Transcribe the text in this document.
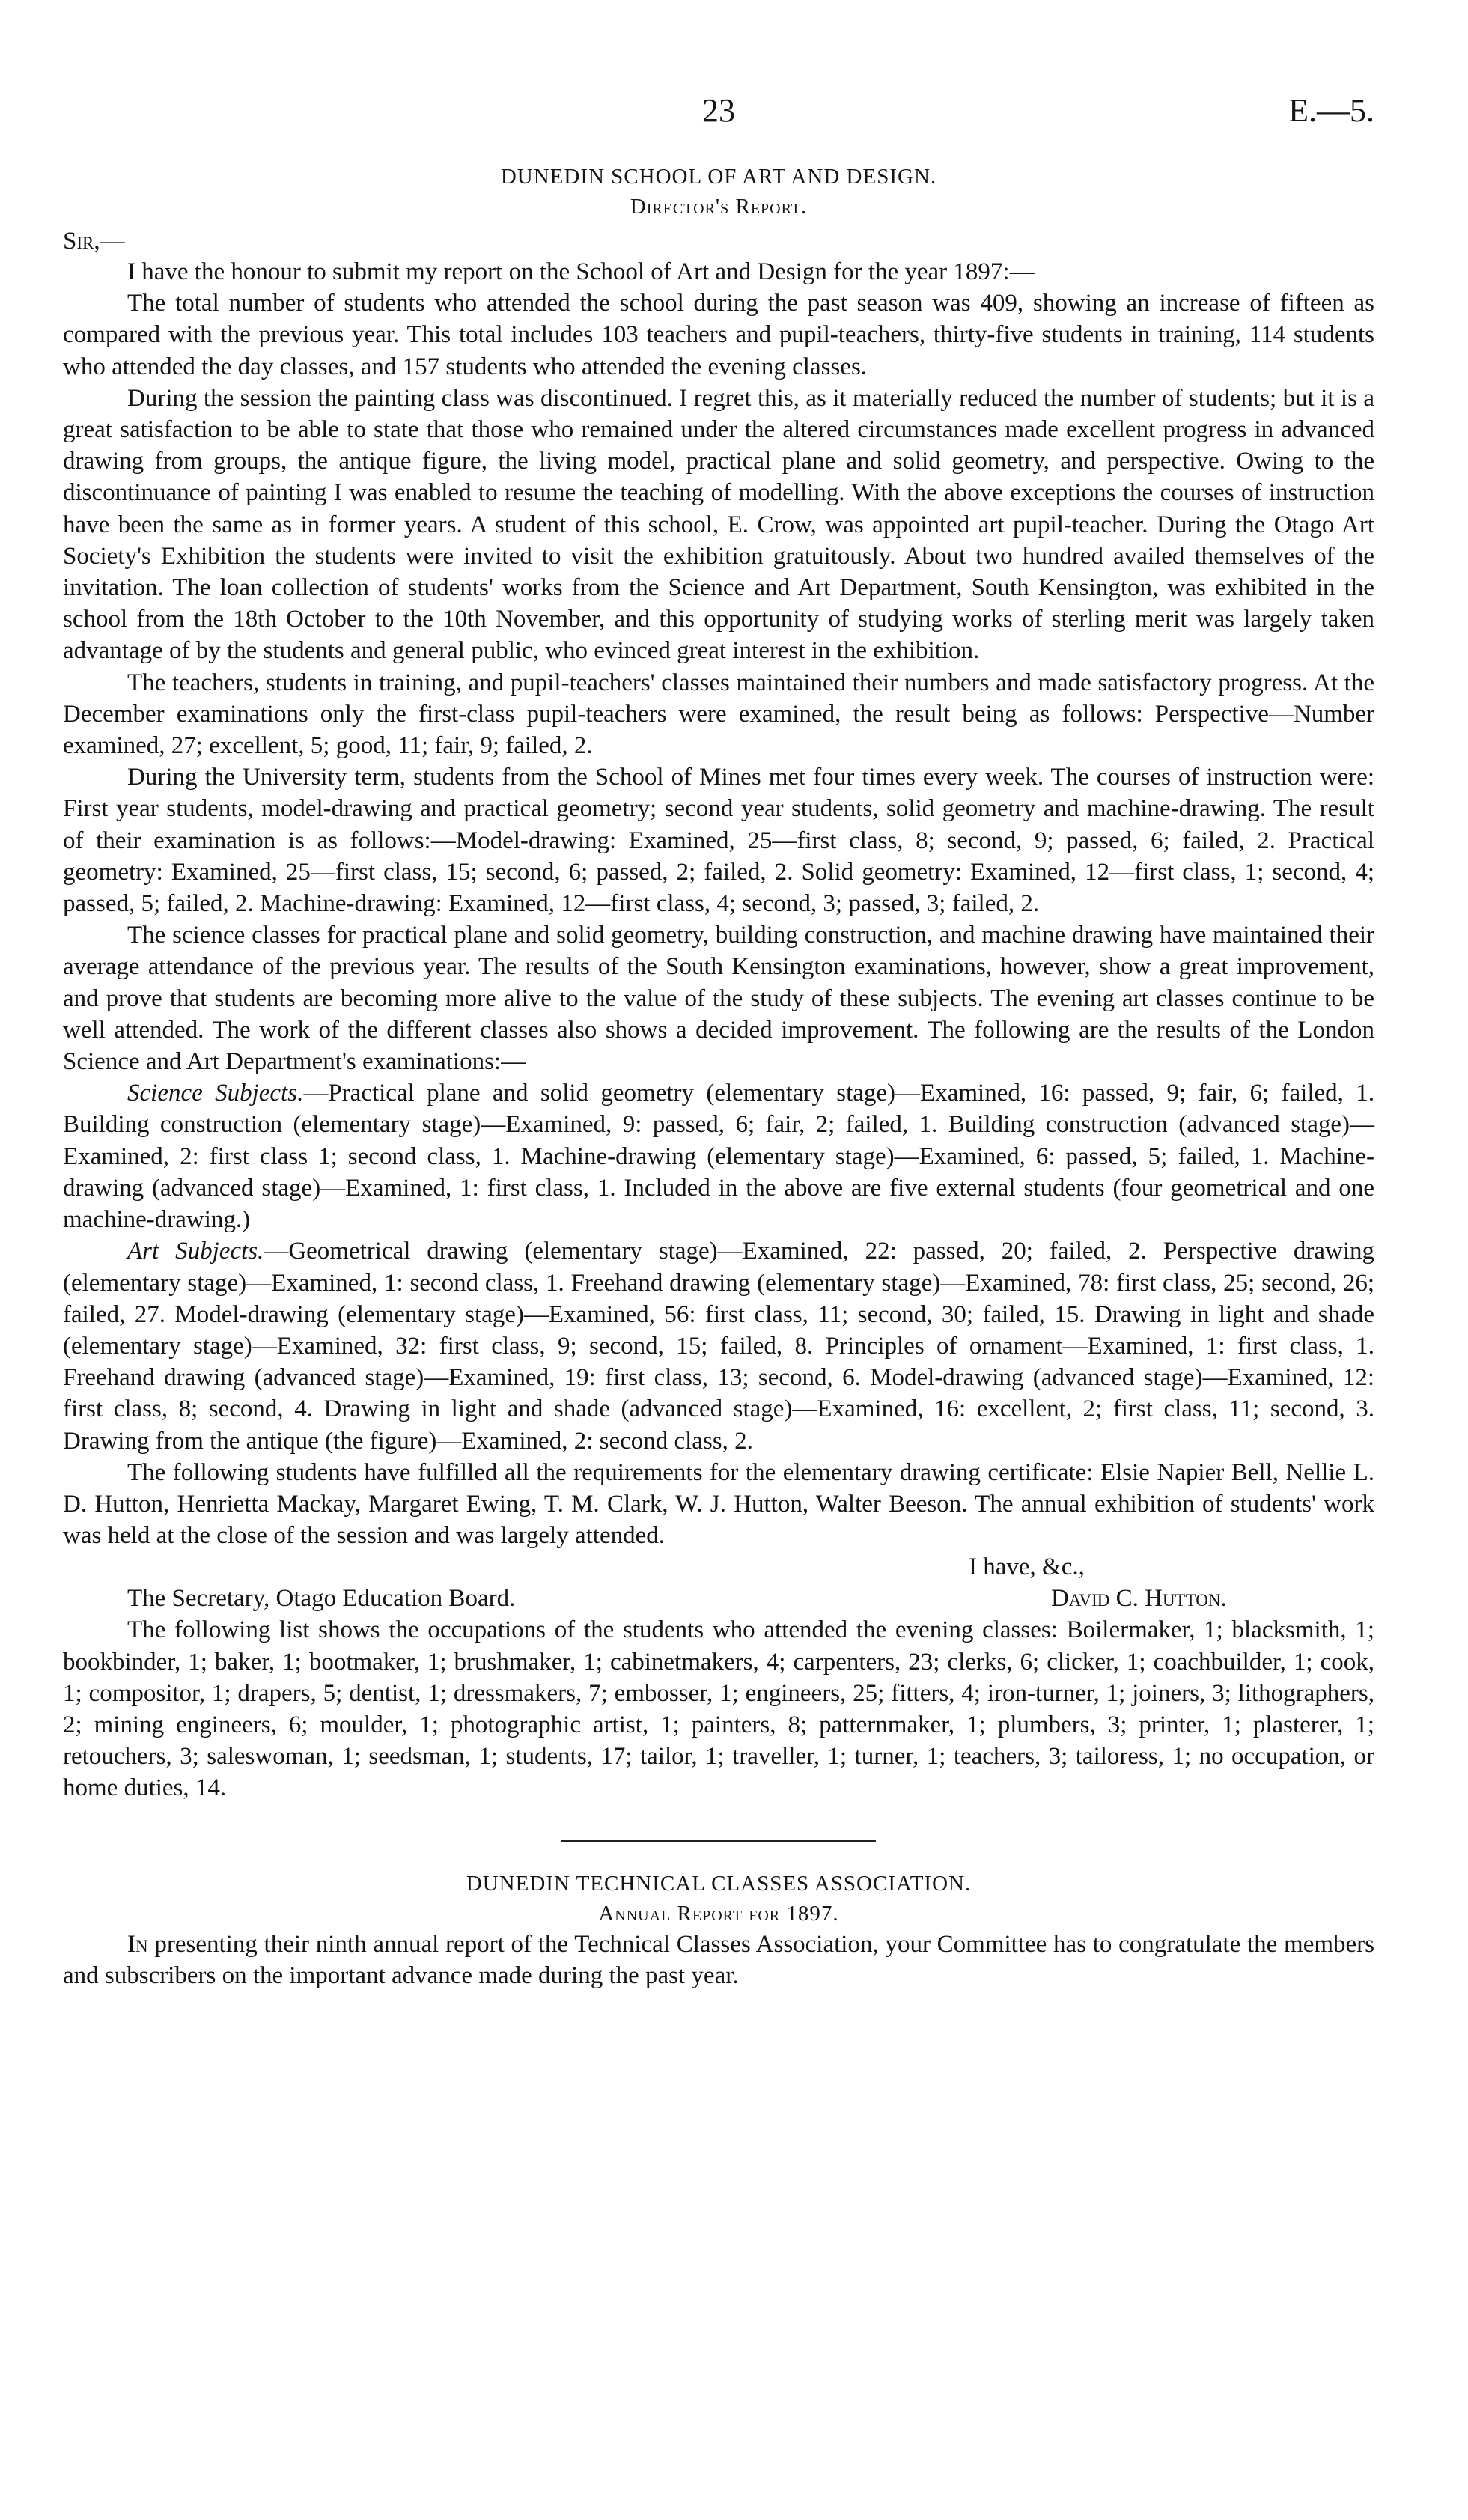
23	E.—5.
DUNEDIN SCHOOL OF ART AND DESIGN.
Director's Report.
Sir,—

I have the honour to submit my report on the School of Art and Design for the year 1897:—

The total number of students who attended the school during the past season was 409, showing an increase of fifteen as compared with the previous year. This total includes 103 teachers and pupil-teachers, thirty-five students in training, 114 students who attended the day classes, and 157 students who attended the evening classes.

During the session the painting class was discontinued. I regret this, as it materially reduced the number of students; but it is a great satisfaction to be able to state that those who remained under the altered circumstances made excellent progress in advanced drawing from groups, the antique figure, the living model, practical plane and solid geometry, and perspective. Owing to the discontinuance of painting I was enabled to resume the teaching of modelling. With the above exceptions the courses of instruction have been the same as in former years. A student of this school, E. Crow, was appointed art pupil-teacher. During the Otago Art Society's Exhibition the students were invited to visit the exhibition gratuitously. About two hundred availed themselves of the invitation. The loan collection of students' works from the Science and Art Department, South Kensington, was exhibited in the school from the 18th October to the 10th November, and this opportunity of studying works of sterling merit was largely taken advantage of by the students and general public, who evinced great interest in the exhibition.

The teachers, students in training, and pupil-teachers' classes maintained their numbers and made satisfactory progress. At the December examinations only the first-class pupil-teachers were examined, the result being as follows: Perspective—Number examined, 27; excellent, 5; good, 11; fair, 9; failed, 2.

During the University term, students from the School of Mines met four times every week. The courses of instruction were: First year students, model-drawing and practical geometry; second year students, solid geometry and machine-drawing. The result of their examination is as follows:—Model-drawing: Examined, 25—first class, 8; second, 9; passed, 6; failed, 2. Practical geometry: Examined, 25—first class, 15; second, 6; passed, 2; failed, 2. Solid geometry: Examined, 12—first class, 1; second, 4; passed, 5; failed, 2. Machine-drawing: Examined, 12—first class, 4; second, 3; passed, 3; failed, 2.

The science classes for practical plane and solid geometry, building construction, and machine drawing have maintained their average attendance of the previous year. The results of the South Kensington examinations, however, show a great improvement, and prove that students are becoming more alive to the value of the study of these subjects. The evening art classes continue to be well attended. The work of the different classes also shows a decided improvement. The following are the results of the London Science and Art Department's examinations:—

Science Subjects.—Practical plane and solid geometry (elementary stage)—Examined, 16: passed, 9; fair, 6; failed, 1. Building construction (elementary stage)—Examined, 9: passed, 6; fair, 2; failed, 1. Building construction (advanced stage)—Examined, 2: first class 1; second class, 1. Machine-drawing (elementary stage)—Examined, 6: passed, 5; failed, 1. Machine-drawing (advanced stage)—Examined, 1: first class, 1. Included in the above are five external students (four geometrical and one machine-drawing.)

Art Subjects.—Geometrical drawing (elementary stage)—Examined, 22: passed, 20; failed, 2. Perspective drawing (elementary stage)—Examined, 1: second class, 1. Freehand drawing (elementary stage)—Examined, 78: first class, 25; second, 26; failed, 27. Model-drawing (elementary stage)—Examined, 56: first class, 11; second, 30; failed, 15. Drawing in light and shade (elementary stage)—Examined, 32: first class, 9; second, 15; failed, 8. Principles of ornament—Examined, 1: first class, 1. Freehand drawing (advanced stage)—Examined, 19: first class, 13; second, 6. Model-drawing (advanced stage)—Examined, 12: first class, 8; second, 4. Drawing in light and shade (advanced stage)—Examined, 16: excellent, 2; first class, 11; second, 3. Drawing from the antique (the figure)—Examined, 2: second class, 2.

The following students have fulfilled all the requirements for the elementary drawing certificate: Elsie Napier Bell, Nellie L. D. Hutton, Henrietta Mackay, Margaret Ewing, T. M. Clark, W. J. Hutton, Walter Beeson. The annual exhibition of students' work was held at the close of the session and was largely attended.

I have, &c.,
The Secretary, Otago Education Board.	David C. Hutton.

The following list shows the occupations of the students who attended the evening classes: Boilermaker, 1; blacksmith, 1; bookbinder, 1; baker, 1; bootmaker, 1; brushmaker, 1; cabinetmakers, 4; carpenters, 23; clerks, 6; clicker, 1; coachbuilder, 1; cook, 1; compositor, 1; drapers, 5; dentist, 1; dressmakers, 7; embosser, 1; engineers, 25; fitters, 4; iron-turner, 1; joiners, 3; lithographers, 2; mining engineers, 6; moulder, 1; photographic artist, 1; painters, 8; patternmaker, 1; plumbers, 3; printer, 1; plasterer, 1; retouchers, 3; saleswoman, 1; seedsman, 1; students, 17; tailor, 1; traveller, 1; turner, 1; teachers, 3; tailoress, 1; no occupation, or home duties, 14.

DUNEDIN TECHNICAL CLASSES ASSOCIATION.
Annual Report for 1897.

In presenting their ninth annual report of the Technical Classes Association, your Committee has to congratulate the members and subscribers on the important advance made during the past year.
